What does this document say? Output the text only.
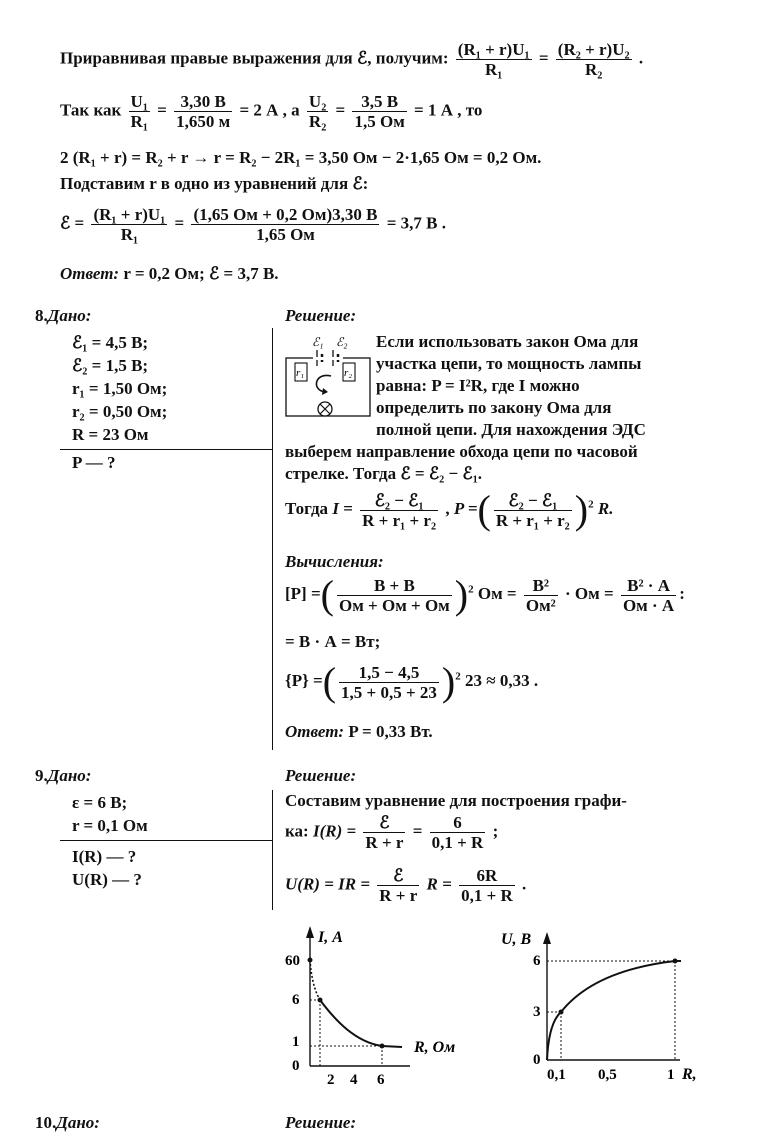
Приравнивая правые выражения для ℰ, получим: $\frac{\text{(R₁ + r)U₁}}{\text{R₁}} = \frac{\text{(R₂ + r)U₂}}{\text{R₂}}$ .
Так как $\frac{\text{U₁}}{\text{R₁}} = \frac{3,30 В}{1,650 м} = 2$ А , а $\frac{\text{U₂}}{\text{R₂}} = \frac{3,5 В}{1,5 Ом} = 1$ А , то
2 (R₁ + r) = R₂ + r → r = R₂ − 2R₁ = 3,50 Ом − 2·1,65 Ом = 0,2 Ом.
Подставим r в одно из уравнений для ℰ:
ℰ = $\frac{\text{(R₁ + r)U₁}}{\text{R₁}} = \frac{(1,65 Ом + 0,2 Ом)3,30 В}{1,65 Ом} = 3,7$ В .
Ответ: r = 0,2 Ом; ℰ = 3,7 В.
8.Дано:
ℰ₁ = 4,5 В;
ℰ₂ = 1,5 В;
r₁ = 1,50 Ом;
r₂ = 0,50 Ом;
R = 23 Ом
P — ?
Решение:
ℰ₁ ℰ₂
r₁	r₂
Если использовать закон Ома для
участка цепи, то мощность лампы
равна: P = I²R, где I можно
определить по закону Ома для
полной цепи. Для нахождения ЭДС
выберем направление обхода цепи по часовой
стрелке. Тогда ℰ = ℰ₂ − ℰ₁.
Тогда $I = \frac{\text{ℰ₂ − ℰ₁}}{\text{R + r₁ + r₂}}$ , P =( $\frac{\text{ℰ₂ − ℰ₁}}{\text{R + r₁ + r₂}} )^2$ R.
Вычисления:
[P] =( $\frac{В + В}{Ом + Ом + Ом} )^2$ Ом = $\frac{\text{В²}}{\text{Ом²}}$ · Ом = $\frac{\text{В² · А}}{Ом \cdot А}$ :
= В · А = Вт;
{P} =( $\frac{1,5 - 4,5}{1,5 + 0,5 + 23} )^2$ 23 ≈ 0,33 .
Ответ: P = 0,33 Вт.
9.Дано:
ε = 6 В;
r = 0,1 Ом
I(R) — ?
U(R) — ?
Решение:
Составим уравнение для построения графи-
ка: $I(R) = \frac{\text{ℰ}}{R + r} = \frac{6}{0,1 + R}$ ;
U(R) = IR = $\frac{\text{ℰ}}{R + r}$ $R = \frac{6R}{0,1 + R}$ .
I, А
R, Ом
60
6
1
0
2 4 6
U, В
R,
6
3
0
0,1 0,5	1
10.Дано:	Решение:
